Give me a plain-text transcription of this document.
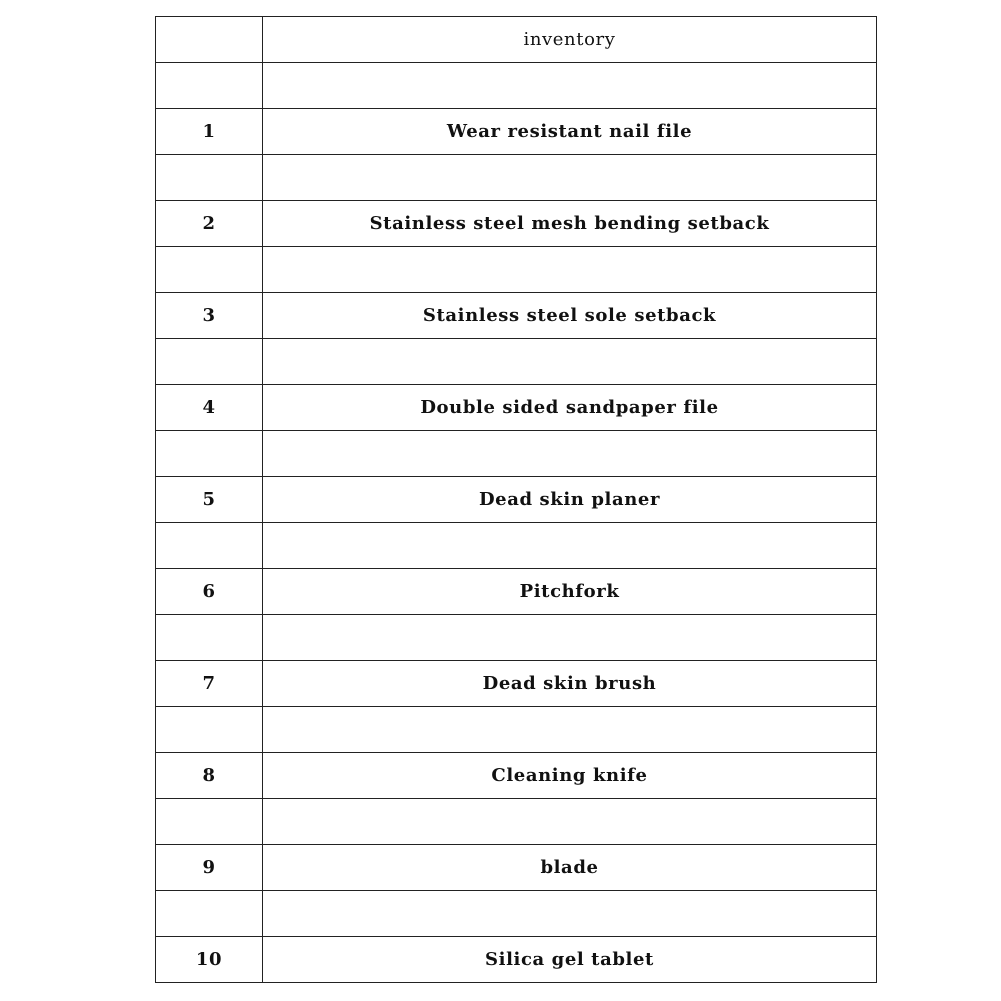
	inventory

1	Wear resistant nail file

2	Stainless steel mesh bending setback

3	Stainless steel sole setback

4	Double sided sandpaper file

5	Dead skin planer

6	Pitchfork

7	Dead skin brush

8	Cleaning knife

9	blade

10	Silica gel tablet
